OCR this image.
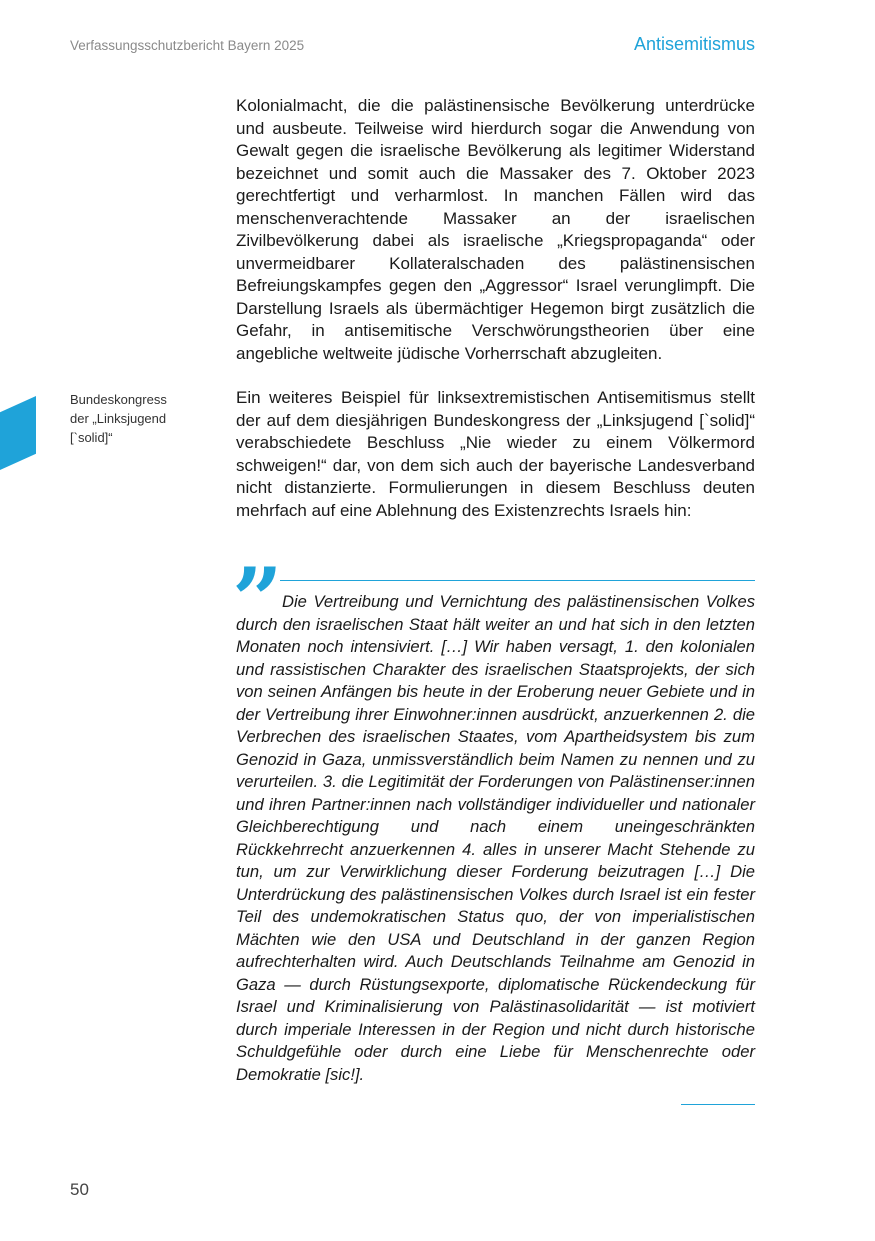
Verfassungsschutzbericht Bayern 2025	Antisemitismus
Bundeskongress
der „Linksjugend
[`solid]“

Kolonialmacht, die die palästinensische Bevölkerung unterdrücke und ausbeute. Teilweise wird hierdurch sogar die Anwendung von Gewalt gegen die israelische Bevölkerung als legitimer Widerstand bezeichnet und somit auch die Massaker des 7. Oktober 2023 gerechtfertigt und verharmlost. In manchen Fällen wird das menschenverachtende Massaker an der israelischen Zivilbevölkerung dabei als israelische „Kriegspropaganda“ oder unvermeidbarer Kollateralschaden des palästinensischen Befreiungskampfes gegen den „Aggressor“ Israel verunglimpft. Die Darstellung Israels als übermächtiger Hegemon birgt zusätzlich die Gefahr, in antisemitische Verschwörungstheorien über eine angebliche weltweite jüdische Vorherrschaft abzugleiten.

Ein weiteres Beispiel für linksextremistischen Antisemitismus stellt der auf dem diesjährigen Bundeskongress der „Linksjugend [`solid]“ verabschiedete Beschluss „Nie wieder zu einem Völkermord schweigen!“ dar, von dem sich auch der bayerische Landesverband nicht distanzierte. Formulierungen in diesem Beschluss deuten mehrfach auf eine Ablehnung des Existenzrechts Israels hin:

” Die Vertreibung und Vernichtung des palästinensischen Volkes durch den israelischen Staat hält weiter an und hat sich in den letzten Monaten noch intensiviert. […] Wir haben versagt, 1. den kolonialen und rassistischen Charakter des israelischen Staatsprojekts, der sich von seinen Anfängen bis heute in der Eroberung neuer Gebiete und in der Vertreibung ihrer Einwohner:innen ausdrückt, anzuerkennen 2. die Verbrechen des israelischen Staates, vom Apartheidsystem bis zum Genozid in Gaza, unmissverständlich beim Namen zu nennen und zu verurteilen. 3. die Legitimität der Forderungen von Palästinenser:innen und ihren Partner:innen nach vollständiger individueller und nationaler Gleichberechtigung und nach einem uneingeschränkten Rückkehrrecht anzuerkennen 4. alles in unserer Macht Stehende zu tun, um zur Verwirklichung dieser Forderung beizutragen […] Die Unterdrückung des palästinensischen Volkes durch Israel ist ein fester Teil des undemokratischen Status quo, der von imperialistischen Mächten wie den USA und Deutschland in der ganzen Region aufrechterhalten wird. Auch Deutschlands Teilnahme am Genozid in Gaza — durch Rüstungsexporte, diplomatische Rückendeckung für Israel und Kriminalisierung von Palästinasolidarität — ist motiviert durch imperiale Interessen in der Region und nicht durch historische Schuldgefühle oder durch eine Liebe für Menschenrechte oder Demokratie [sic!].

50
